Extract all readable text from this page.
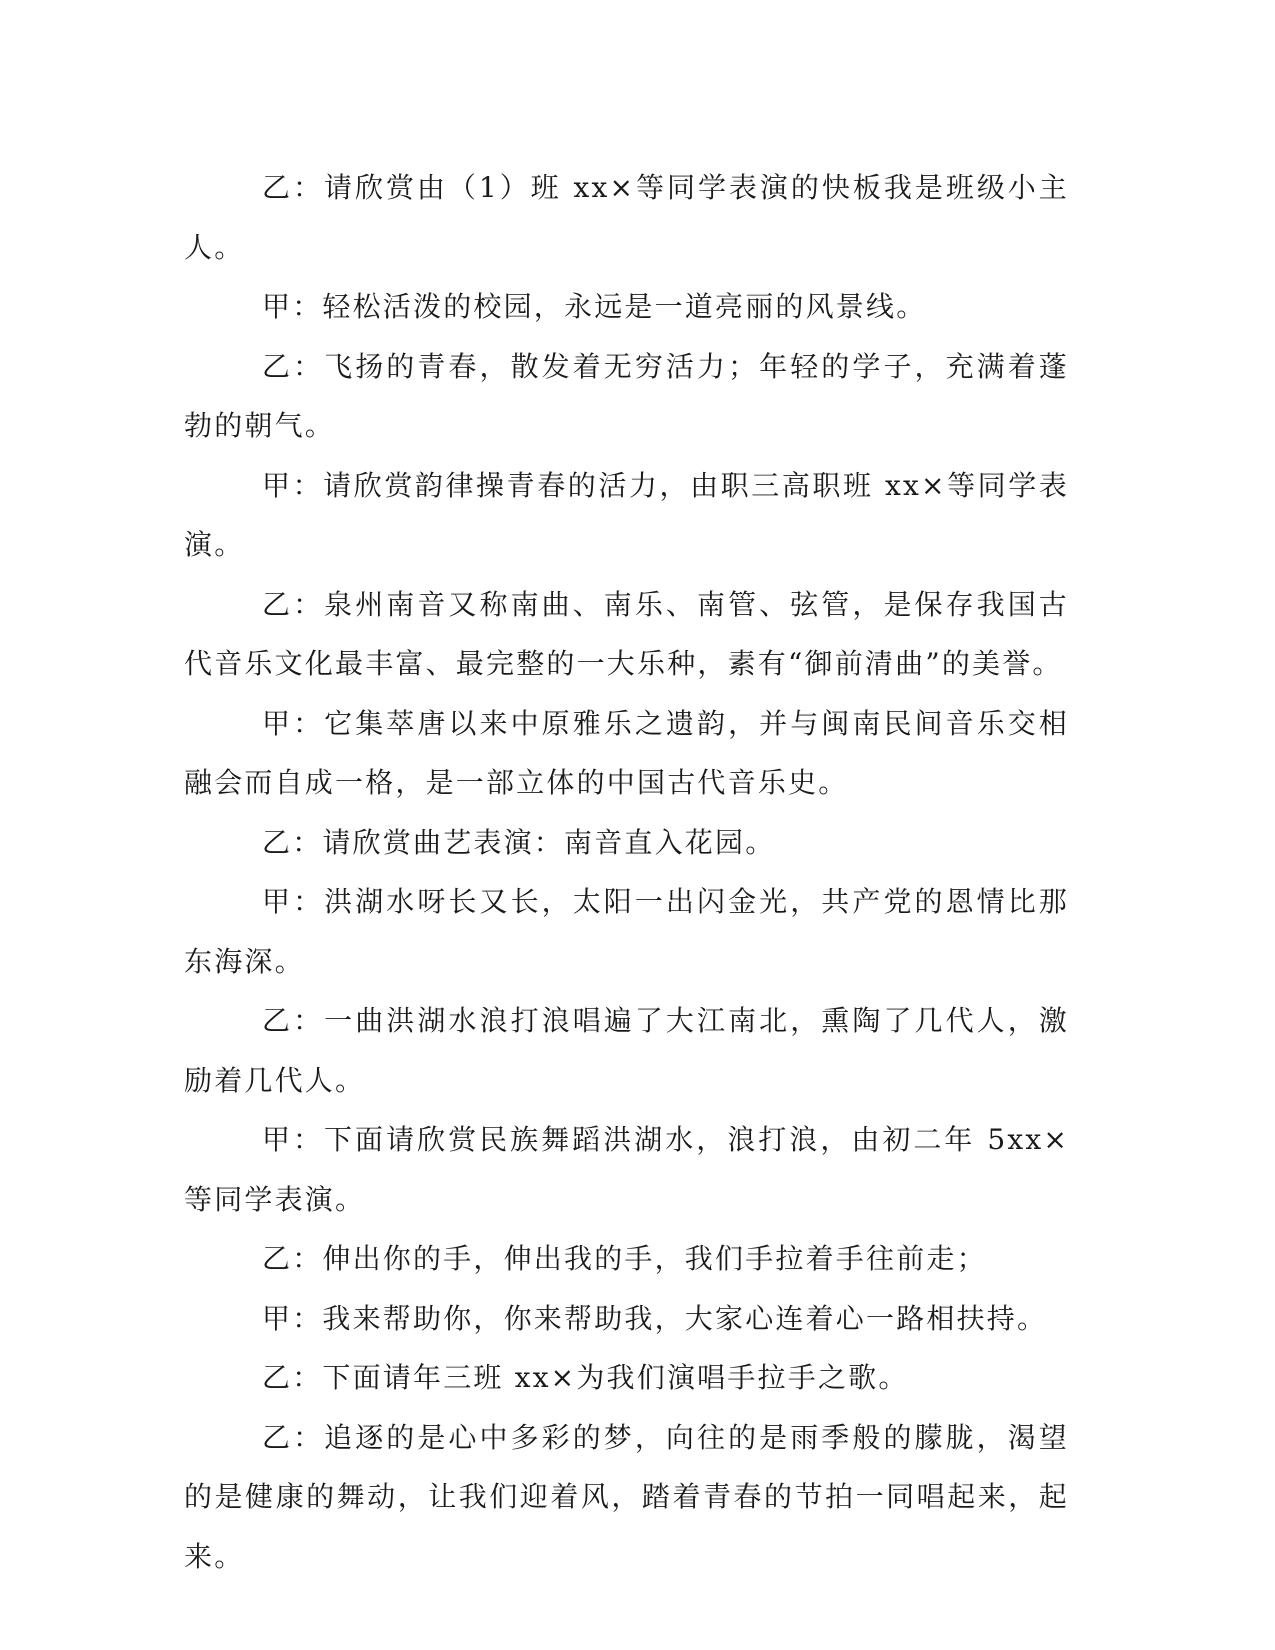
乙：请欣赏由（1）班 xx×等同学表演的快板我是班级小主人。

甲：轻松活泼的校园，永远是一道亮丽的风景线。

乙：飞扬的青春，散发着无穷活力；年轻的学子，充满着蓬勃的朝气。

甲：请欣赏韵律操青春的活力，由职三高职班 xx×等同学表演。

乙：泉州南音又称南曲、南乐、南管、弦管，是保存我国古代音乐文化最丰富、最完整的一大乐种，素有“御前清曲”的美誉。

甲：它集萃唐以来中原雅乐之遗韵，并与闽南民间音乐交相融会而自成一格，是一部立体的中国古代音乐史。

乙：请欣赏曲艺表演：南音直入花园。

甲：洪湖水呀长又长，太阳一出闪金光，共产党的恩情比那东海深。

乙：一曲洪湖水浪打浪唱遍了大江南北，熏陶了几代人，激励着几代人。

甲：下面请欣赏民族舞蹈洪湖水，浪打浪，由初二年 5xx×等同学表演。

乙：伸出你的手，伸出我的手，我们手拉着手往前走；

甲：我来帮助你，你来帮助我，大家心连着心一路相扶持。

乙：下面请年三班 xx×为我们演唱手拉手之歌。

乙：追逐的是心中多彩的梦，向往的是雨季般的朦胧，渴望的是健康的舞动，让我们迎着风，踏着青春的节拍一同唱起来，起来。
